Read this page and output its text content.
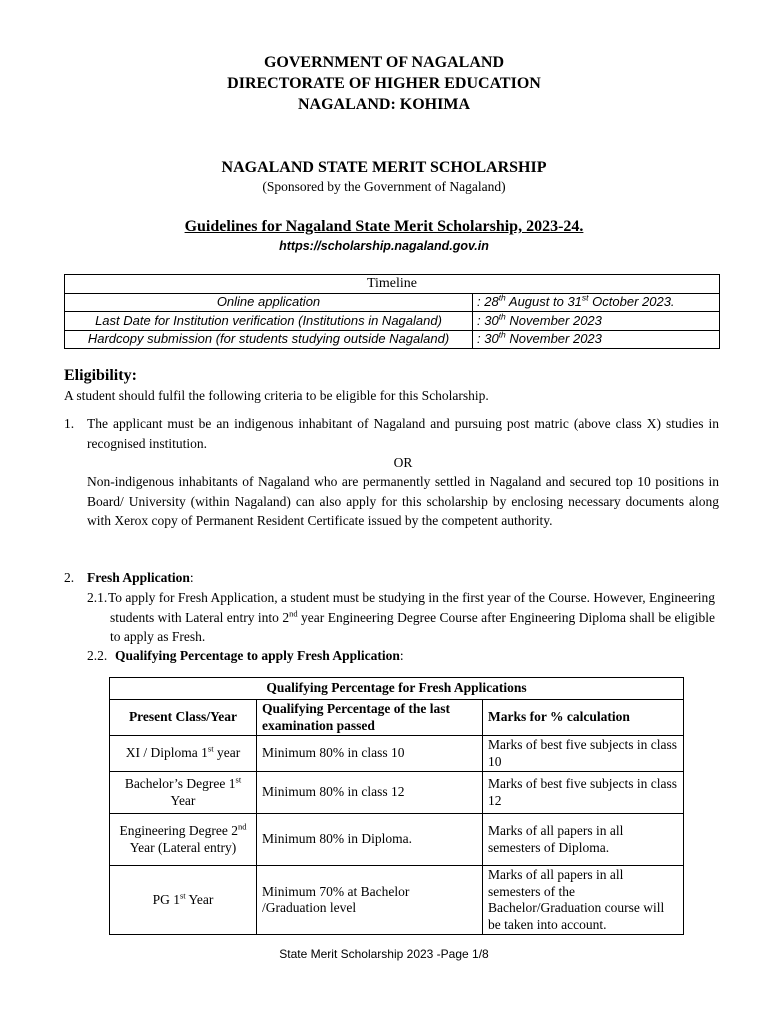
GOVERNMENT OF NAGALAND
DIRECTORATE OF HIGHER EDUCATION
NAGALAND: KOHIMA
NAGALAND STATE MERIT SCHOLARSHIP
(Sponsored by the Government of Nagaland)
Guidelines for Nagaland State Merit Scholarship, 2023-24.
https://scholarship.nagaland.gov.in
Timeline	
Online application	: 28th August to 31st October 2023.
Last Date for Institution verification (Institutions in Nagaland)	: 30th November 2023
Hardcopy submission (for students studying outside Nagaland)	: 30th November 2023
Eligibility:
A student should fulfil the following criteria to be eligible for this Scholarship.
1. The applicant must be an indigenous inhabitant of Nagaland and pursuing post matric (above class X) studies in recognised institution.
OR
Non-indigenous inhabitants of Nagaland who are permanently settled in Nagaland and secured top 10 positions in Board/ University (within Nagaland) can also apply for this scholarship by enclosing necessary documents along with Xerox copy of Permanent Resident Certificate issued by the competent authority.
2. Fresh Application:
2.1. To apply for Fresh Application, a student must be studying in the first year of the Course. However, Engineering students with Lateral entry into 2nd year Engineering Degree Course after Engineering Diploma shall be eligible to apply as Fresh.
2.2. Qualifying Percentage to apply Fresh Application:
Qualifying Percentage for Fresh Applications		
Present Class/Year	Qualifying Percentage of the last examination passed	Marks for % calculation
XI / Diploma 1st year	Minimum 80% in class 10	Marks of best five subjects in class 10
Bachelor’s Degree 1st Year	Minimum 80% in class 12	Marks of best five subjects in class 12
Engineering Degree 2nd Year (Lateral entry)	Minimum 80% in Diploma.	Marks of all papers in all semesters of Diploma.
PG 1st Year	Minimum 70% at Bachelor /Graduation level	Marks of all papers in all semesters of the Bachelor/Graduation course will be taken into account.
State Merit Scholarship 2023 -Page 1/8
